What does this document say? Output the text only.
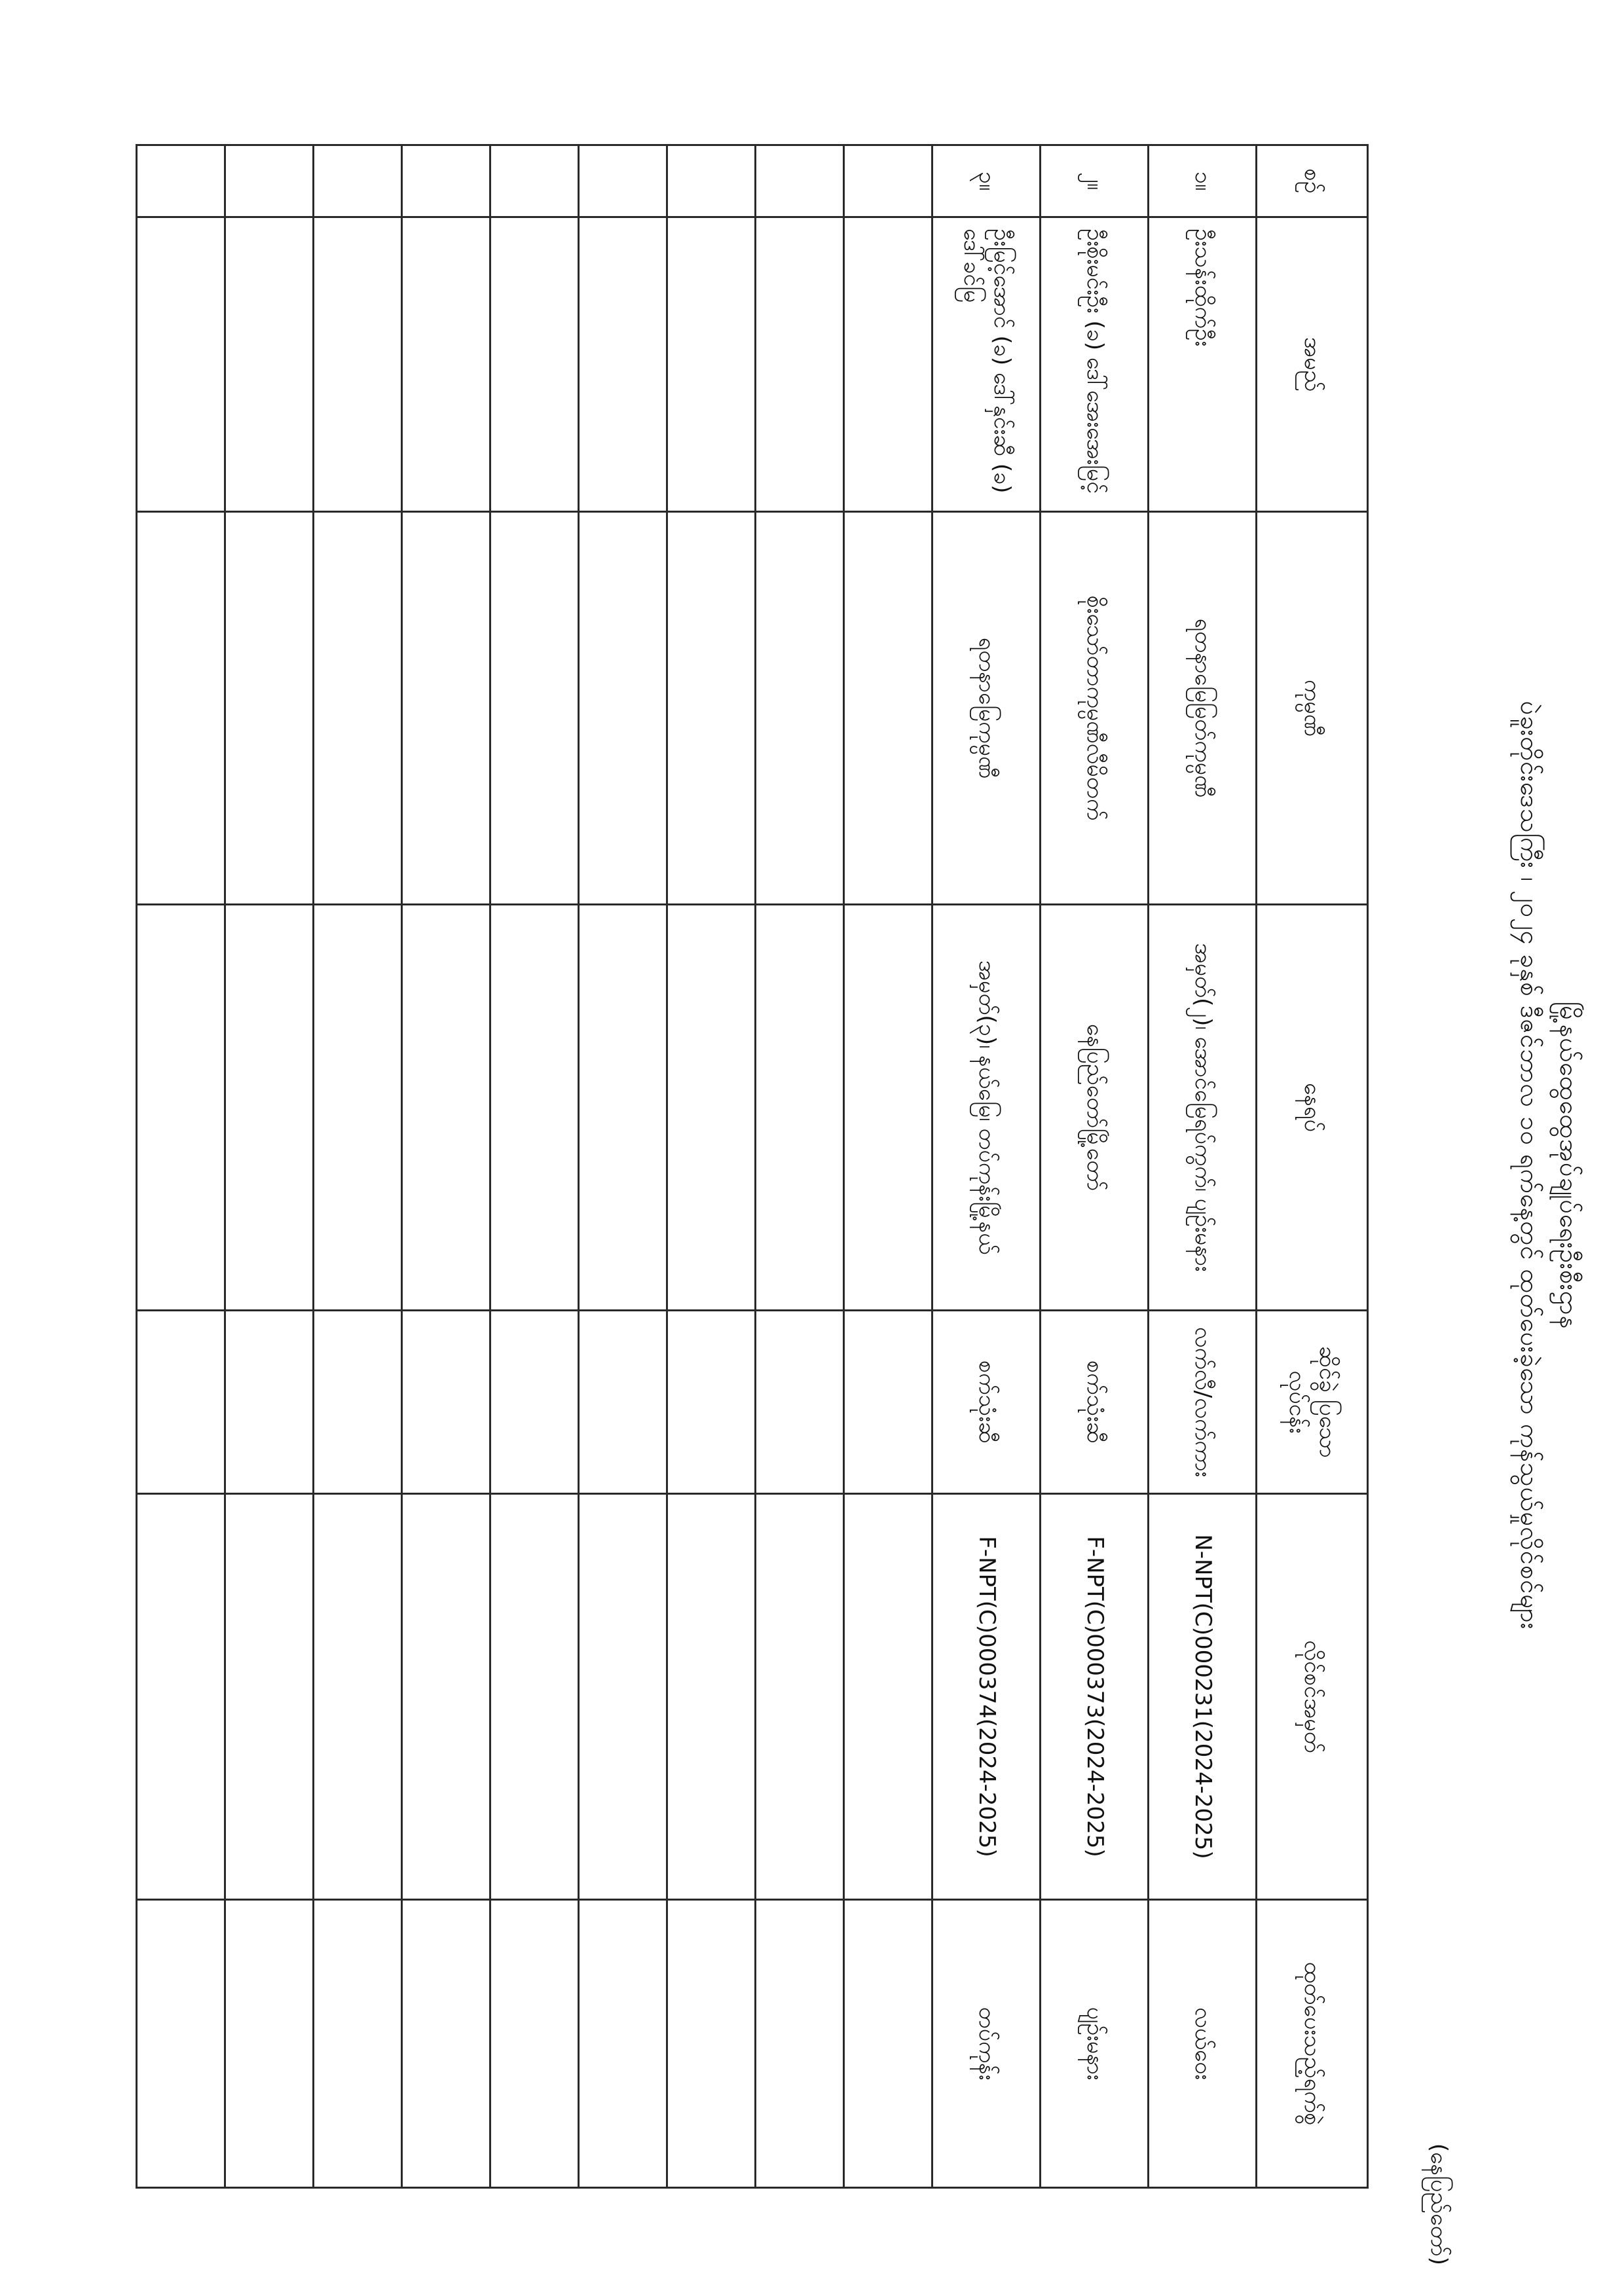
မြို့နယ်ထွေထွေအုပ်ချုပ်ရေးဦးစီးဌာန
ပဲခူးတိုင်းဒေသကြီး ၊ ၂၀၂၄ ခုနှစ် ဒီဇင်ဘာလ ၁၀ ရက်နေ့တွင် ထုတ်ပေးခဲ့သော ကုန်သွယ်မှုလိုင်စင်များ
(နေပြည်တော်)
စဉ်	အမည်	ကုမ္ပဏီ	နေရပ်	ဆိုင်ခွဲ ပြသော လုပ်ငန်း	လိုင်စင်အမှတ်	ထုတ်ပေးသည့်ရက်စွဲ
၁။	ဦးသန်းထိုက်ဦး	ရတနာမြေမြတ်ကုမ္ပဏီ	အမှတ်(၂)၊ အောင်မြေရပ်ကွက်၊ ပျဉ်းမနား	လက်လီ/လက်ကား	N-NPT(C)000231(2024-2025)	လယ်ဝေး
၂။	ဦးစိုးမင်းဦး (ခ) ဒေါ်အေးအေးမြင့်	စိုးသော်တာကုမ္ပဏီလီမိတက်	နေပြည်တော်မြို့တော်	စက်သုံးဆီ	F-NPT(C)000373(2024-2025)	ပျဉ်းမနား
၃။	ဦးမြင့်အောင် (ခ) ဒေါ်နှင်းဆီ (ခ) ဒေါ်ခင်မြ	ရတနာမြေကုမ္ပဏီ	အမှတ်(၃)၊ နယ်မြေ၊ တပ်ကုန်းမြို့နယ်	စက်သုံးဆီ	F-NPT(C)000374(2024-2025)	တပ်ကုန်း
